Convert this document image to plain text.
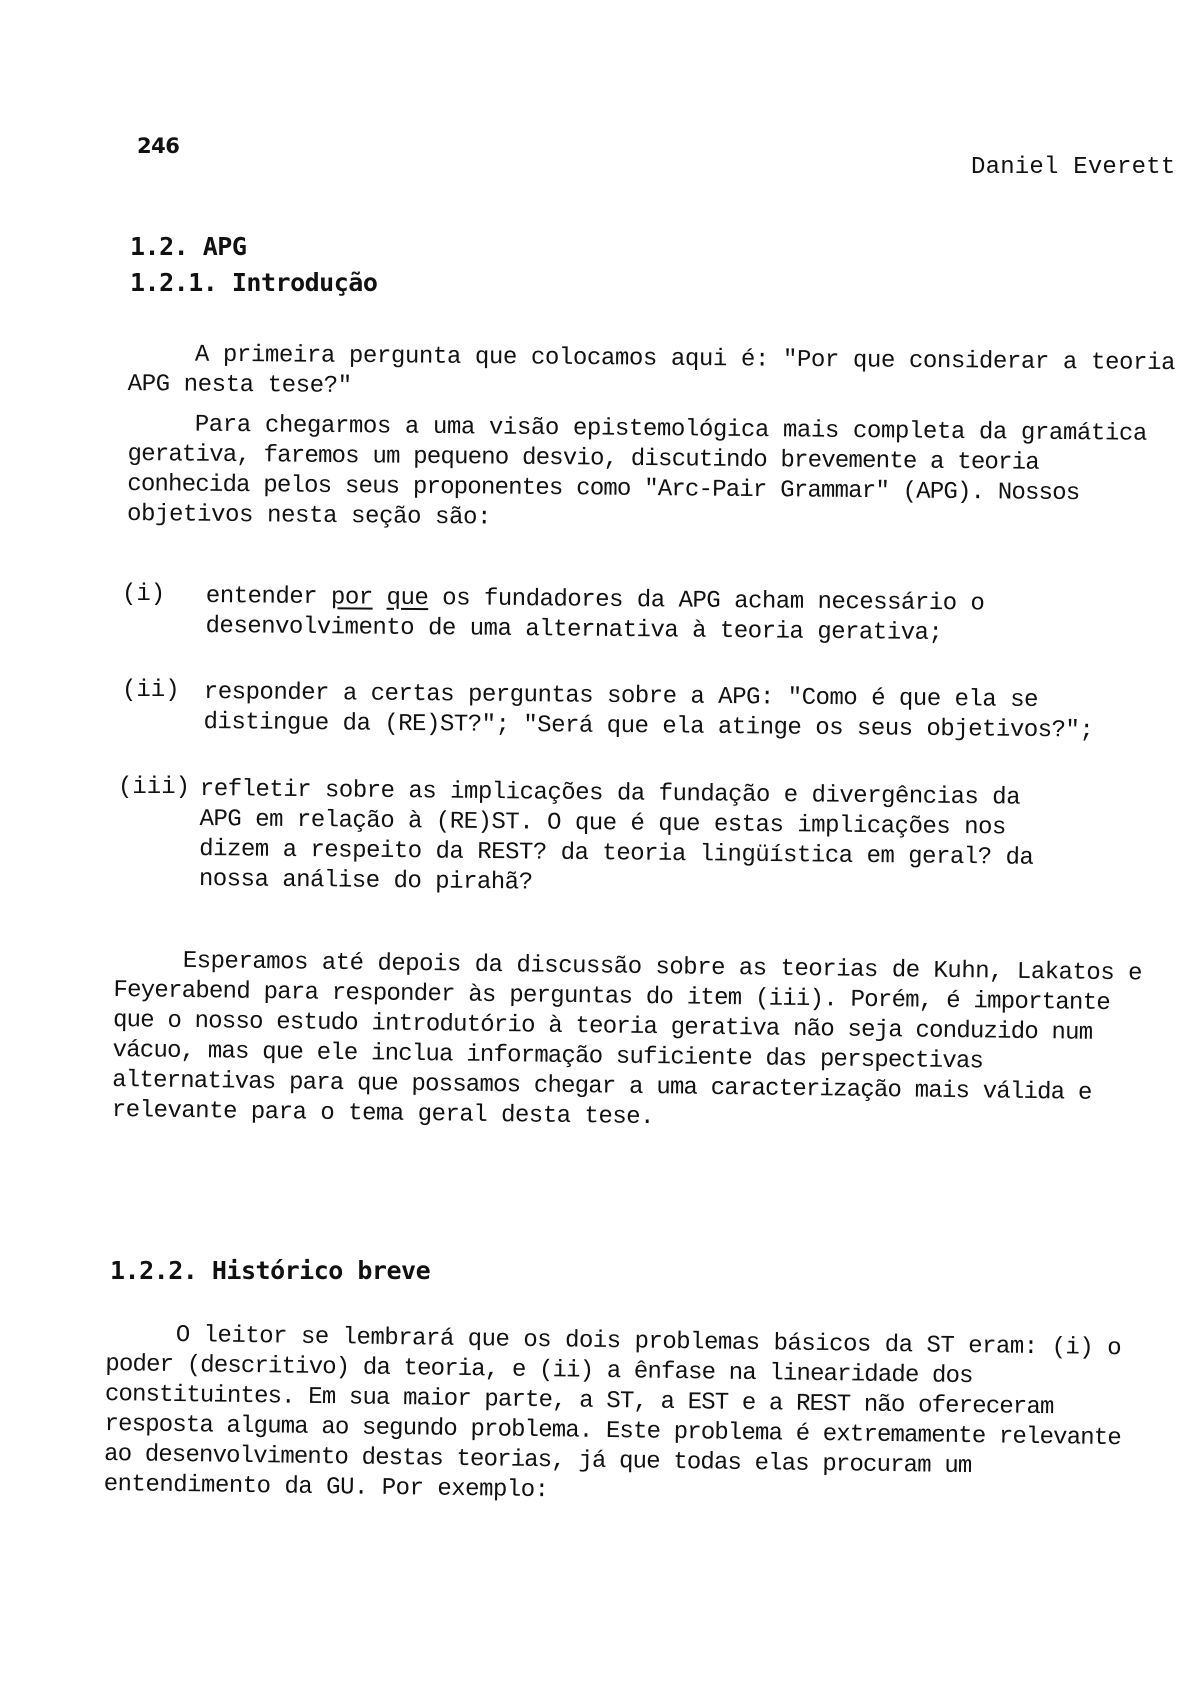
246
Daniel Everett
1.2. APG
1.2.1. Introdução
A primeira pergunta que colocamos aqui é: "Por que considerar a teoria
APG nesta tese?"
Para chegarmos a uma visão epistemológica mais completa da gramática
gerativa, faremos um pequeno desvio, discutindo brevemente a teoria
conhecida pelos seus proponentes como "Arc-Pair Grammar" (APG). Nossos
objetivos nesta seção são:
(i) entender por que os fundadores da APG acham necessário o
desenvolvimento de uma alternativa à teoria gerativa;
(ii) responder a certas perguntas sobre a APG: "Como é que ela se
distingue da (RE)ST?"; "Será que ela atinge os seus objetivos?";
(iii) refletir sobre as implicações da fundação e divergências da
APG em relação à (RE)ST. O que é que estas implicações nos
dizem a respeito da REST? da teoria lingüística em geral? da
nossa análise do pirahã?
Esperamos até depois da discussão sobre as teorias de Kuhn, Lakatos e
Feyerabend para responder às perguntas do item (iii). Porém, é importante
que o nosso estudo introdutório à teoria gerativa não seja conduzido num
vácuo, mas que ele inclua informação suficiente das perspectivas
alternativas para que possamos chegar a uma caracterização mais válida e
relevante para o tema geral desta tese.
1.2.2. Histórico breve
O leitor se lembrará que os dois problemas básicos da ST eram: (i) o
poder (descritivo) da teoria, e (ii) a ênfase na linearidade dos
constituintes. Em sua maior parte, a ST, a EST e a REST não ofereceram
resposta alguma ao segundo problema. Este problema é extremamente relevante
ao desenvolvimento destas teorias, já que todas elas procuram um
entendimento da GU. Por exemplo:
